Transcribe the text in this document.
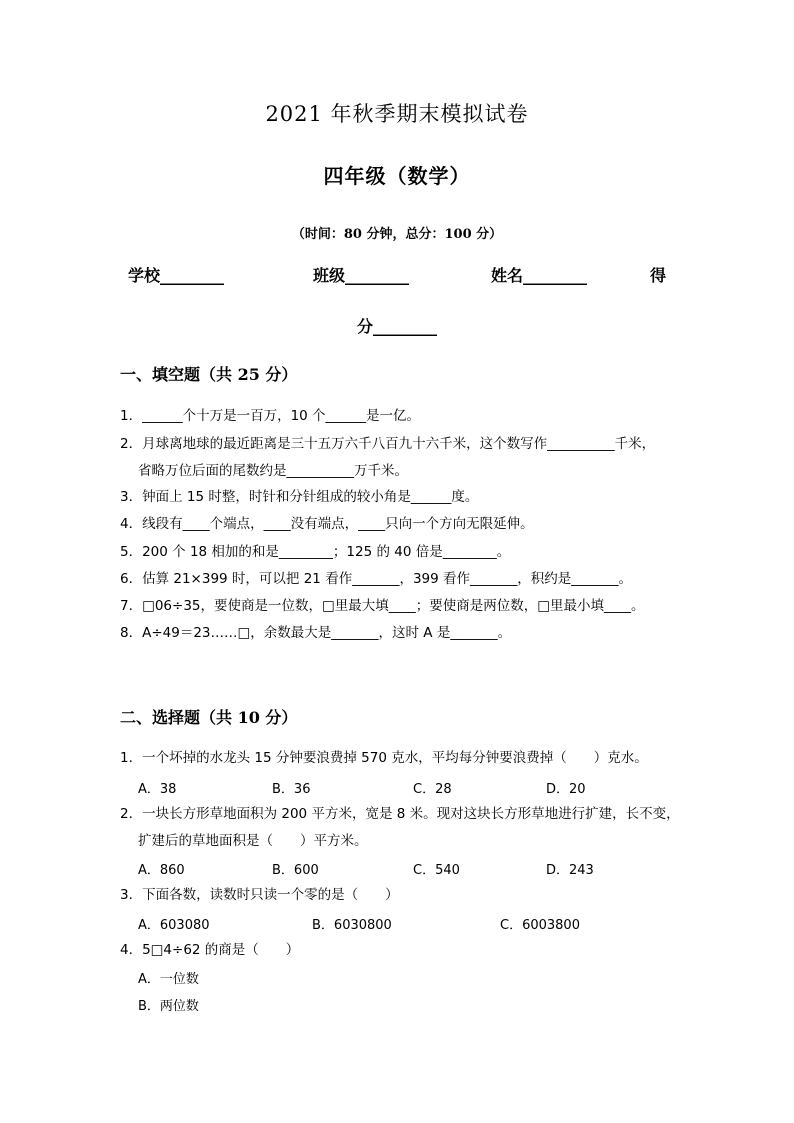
2021 年秋季期末模拟试卷
四年级（数学）
（时间：80 分钟，总分：100 分）
学校________	班级________	姓名________	得
分________
一、填空题（共 25 分）
1．______个十万是一百万，10 个______是一亿。
2．月球离地球的最近距离是三十五万六千八百九十六千米，这个数写作__________千米，
省略万位后面的尾数约是__________万千米。
3．钟面上 15 时整，时针和分针组成的较小角是______度。
4．线段有____个端点，____没有端点，____只向一个方向无限延伸。
5．200 个 18 相加的和是________；125 的 40 倍是________。
6．估算 21×399 时，可以把 21 看作_______，399 看作_______，积约是_______。
7．□06÷35，要使商是一位数，□里最大填____；要使商是两位数，□里最小填____。
8．A÷49＝23……□，余数最大是_______，这时 A 是_______。
二、选择题（共 10 分）
1．一个坏掉的水龙头 15 分钟要浪费掉 570 克水，平均每分钟要浪费掉（　　）克水。
A．38	B．36	C．28	D．20
2．一块长方形草地面积为 200 平方米，宽是 8 米。现对这块长方形草地进行扩建，长不变，
扩建后的草地面积是（　　）平方米。
A．860	B．600	C．540	D．243
3．下面各数，读数时只读一个零的是（　　）
A．603080	B．6030800	C．6003800
4．5□4÷62 的商是（　　）
A．一位数
B．两位数
